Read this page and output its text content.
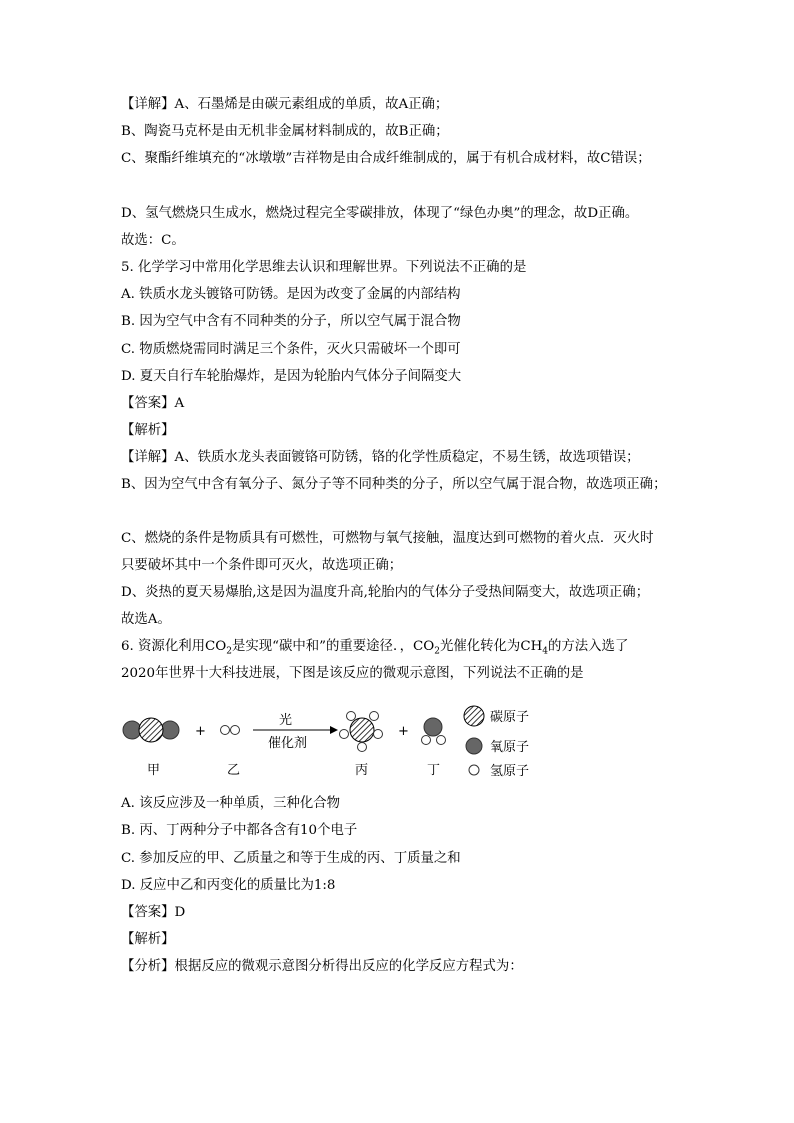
【详解】A、石墨烯是由碳元素组成的单质，故A正确；
B、陶瓷马克杯是由无机非金属材料制成的，故B正确；
C、聚酯纤维填充的“冰墩墩”吉祥物是由合成纤维制成的，属于有机合成材料，故C错误；
D、氢气燃烧只生成水，燃烧过程完全零碳排放，体现了“绿色办奥”的理念，故D正确。
故选：C。
5. 化学学习中常用化学思维去认识和理解世界。下列说法不正确的是
A. 铁质水龙头镀铬可防锈。是因为改变了金属的内部结构
B. 因为空气中含有不同种类的分子，所以空气属于混合物
C. 物质燃烧需同时满足三个条件，灭火只需破坏一个即可
D. 夏天自行车轮胎爆炸，是因为轮胎内气体分子间隔变大
【答案】A
【解析】
【详解】A、铁质水龙头表面镀铬可防锈，铬的化学性质稳定，不易生锈，故选项错误；
B、因为空气中含有氧分子、氮分子等不同种类的分子，所以空气属于混合物，故选项正确；
C、燃烧的条件是物质具有可燃性，可燃物与氧气接触，温度达到可燃物的着火点．灭火时
只要破坏其中一个条件即可灭火，故选项正确；
D、炎热的夏天易爆胎,这是因为温度升高,轮胎内的气体分子受热间隔变大，故选项正确；
故选A。
6. 资源化利用$CO_2$是实现“碳中和”的重要途径．，$CO_2$光催化转化为$CH_4$的方法入选了
2020年世界十大科技进展，下图是该反应的微观示意图，下列说法不正确的是
+
光
催化剂
+
甲	乙	丙	丁
碳原子
氧原子
氢原子
A. 该反应涉及一种单质，三种化合物
B. 丙、丁两种分子中都各含有10个电子
C. 参加反应的甲、乙质量之和等于生成的丙、丁质量之和
D. 反应中乙和丙变化的质量比为1:8
【答案】D
【解析】
【分析】根据反应的微观示意图分析得出反应的化学反应方程式为：
